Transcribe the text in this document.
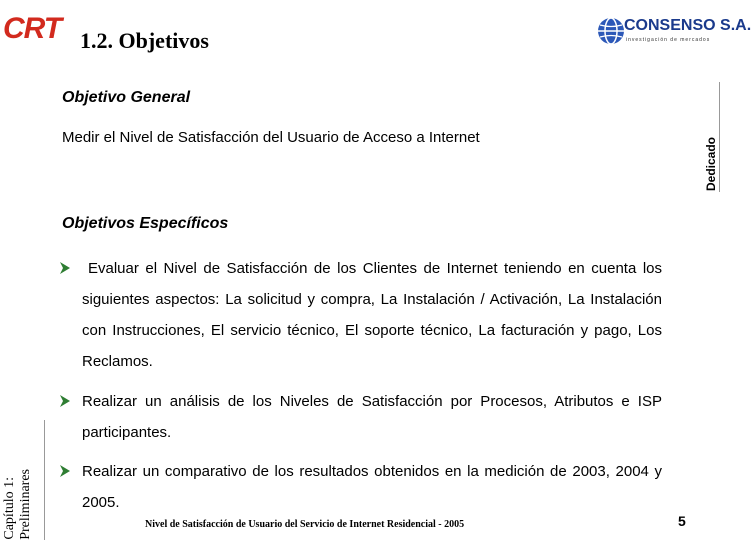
CRT 1.2. Objetivos
CONSENSO S.A.
investigación de mercados
Dedicado
Objetivo General
Medir el Nivel de Satisfacción del Usuario de Acceso a Internet
Objetivos Específicos
Evaluar el Nivel de Satisfacción de los Clientes de Internet teniendo en cuenta los siguientes aspectos: La solicitud y compra, La Instalación / Activación, La Instalación con Instrucciones, El servicio técnico, El soporte técnico, La facturación y pago, Los Reclamos.
Realizar un análisis de los Niveles de Satisfacción por Procesos, Atributos e ISP participantes.
Realizar un comparativo de los resultados obtenidos en la medición de 2003, 2004 y 2005.
Capítulo 1: Preliminares	Nivel de Satisfacción de Usuario del Servicio de Internet Residencial - 2005	5
